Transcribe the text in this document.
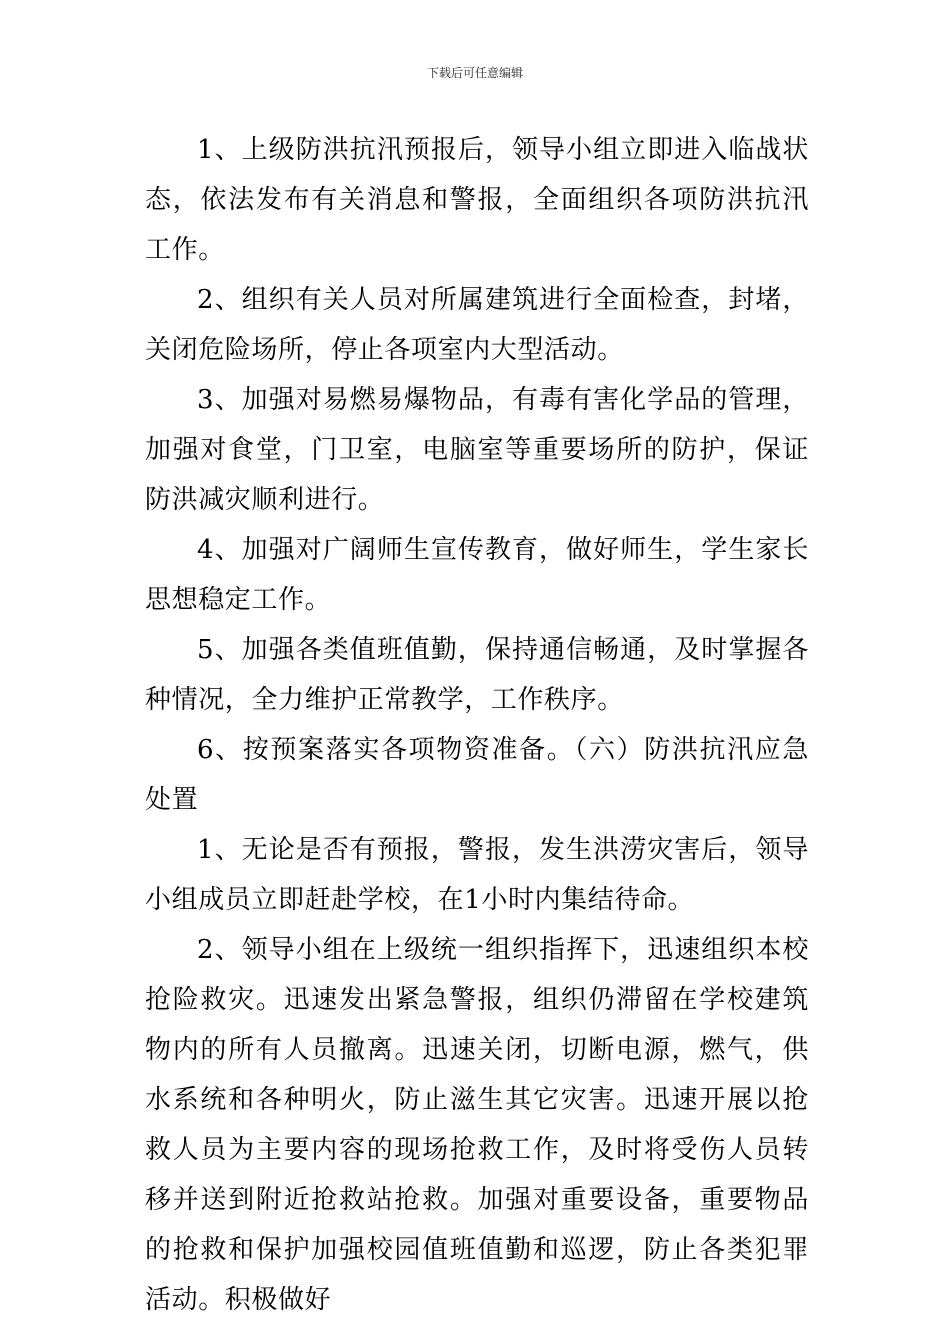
下载后可任意编辑

1、上级防洪抗汛预报后，领导小组立即进入临战状态，依法发布有关消息和警报，全面组织各项防洪抗汛工作。

2、组织有关人员对所属建筑进行全面检查，封堵，关闭危险场所，停止各项室内大型活动。

3、加强对易燃易爆物品，有毒有害化学品的管理，加强对食堂，门卫室，电脑室等重要场所的防护，保证防洪减灾顺利进行。

4、加强对广阔师生宣传教育，做好师生，学生家长思想稳定工作。

5、加强各类值班值勤，保持通信畅通，及时掌握各种情况，全力维护正常教学，工作秩序。

6、按预案落实各项物资准备。（六）防洪抗汛应急处置

1、无论是否有预报，警报，发生洪涝灾害后，领导小组成员立即赶赴学校，在1小时内集结待命。

2、领导小组在上级统一组织指挥下，迅速组织本校抢险救灾。迅速发出紧急警报，组织仍滞留在学校建筑物内的所有人员撤离。迅速关闭，切断电源，燃气，供水系统和各种明火，防止滋生其它灾害。迅速开展以抢救人员为主要内容的现场抢救工作，及时将受伤人员转移并送到附近抢救站抢救。加强对重要设备，重要物品的抢救和保护加强校园值班值勤和巡逻，防止各类犯罪活动。积极做好
